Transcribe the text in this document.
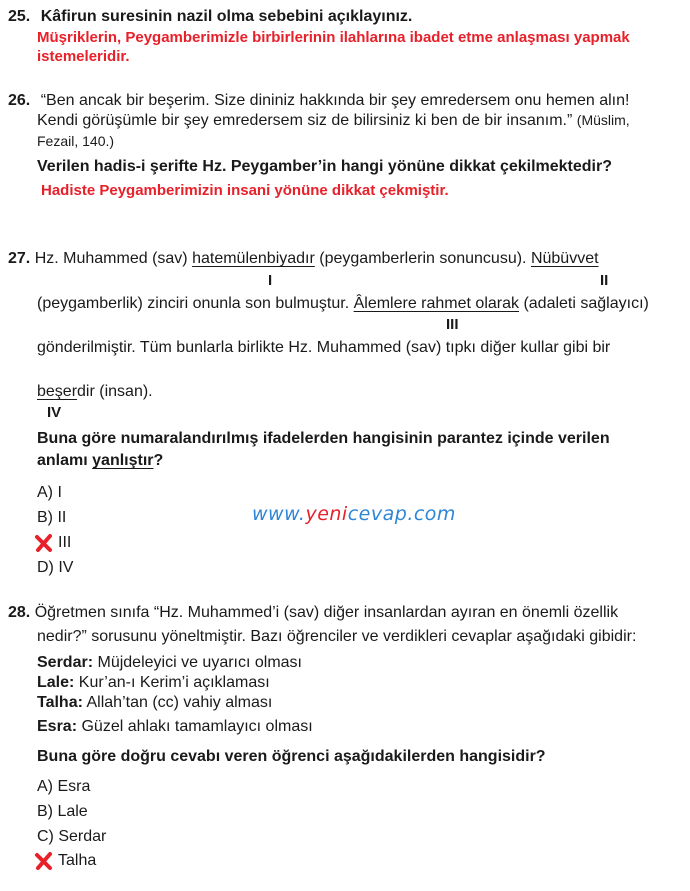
25. Kâfirun suresinin nazil olma sebebini açıklayınız.
Müşriklerin, Peygamberimizle birbirlerinin ilahlarına ibadet etme anlaşması yapmak
istemeleridir.
26. “Ben ancak bir beşerim. Size dininiz hakkında bir şey emredersem onu hemen alın!
Kendi görüşümle bir şey emredersem siz de bilirsiniz ki ben de bir insanım.” (Müslim,
Fezail, 140.)
Verilen hadis-i şerifte Hz. Peygamber’in hangi yönüne dikkat çekilmektedir?
Hadiste Peygamberimizin insani yönüne dikkat çekmiştir.
27. Hz. Muhammed (sav) hatemülenbiyadır (peygamberlerin sonuncusu). Nübüvvet
I	II
(peygamberlik) zinciri onunla son bulmuştur. Âlemlere rahmet olarak (adaleti sağlayıcı)
III
gönderilmiştir. Tüm bunlarla birlikte Hz. Muhammed (sav) tıpkı diğer kullar gibi bir
beşerdir (insan).
IV
Buna göre numaralandırılmış ifadelerden hangisinin parantez içinde verilen
anlamı yanlıştır?
A) I
B) II
III
D) IV
www.yenicevap.com
28. Öğretmen sınıfa “Hz. Muhammed’i (sav) diğer insanlardan ayıran en önemli özellik
nedir?” sorusunu yöneltmiştir. Bazı öğrenciler ve verdikleri cevaplar aşağıdaki gibidir:
Serdar: Müjdeleyici ve uyarıcı olması
Lale: Kur’an-ı Kerim’i açıklaması
Talha: Allah’tan (cc) vahiy alması
Esra: Güzel ahlakı tamamlayıcı olması
Buna göre doğru cevabı veren öğrenci aşağıdakilerden hangisidir?
A) Esra
B) Lale
C) Serdar
Talha
